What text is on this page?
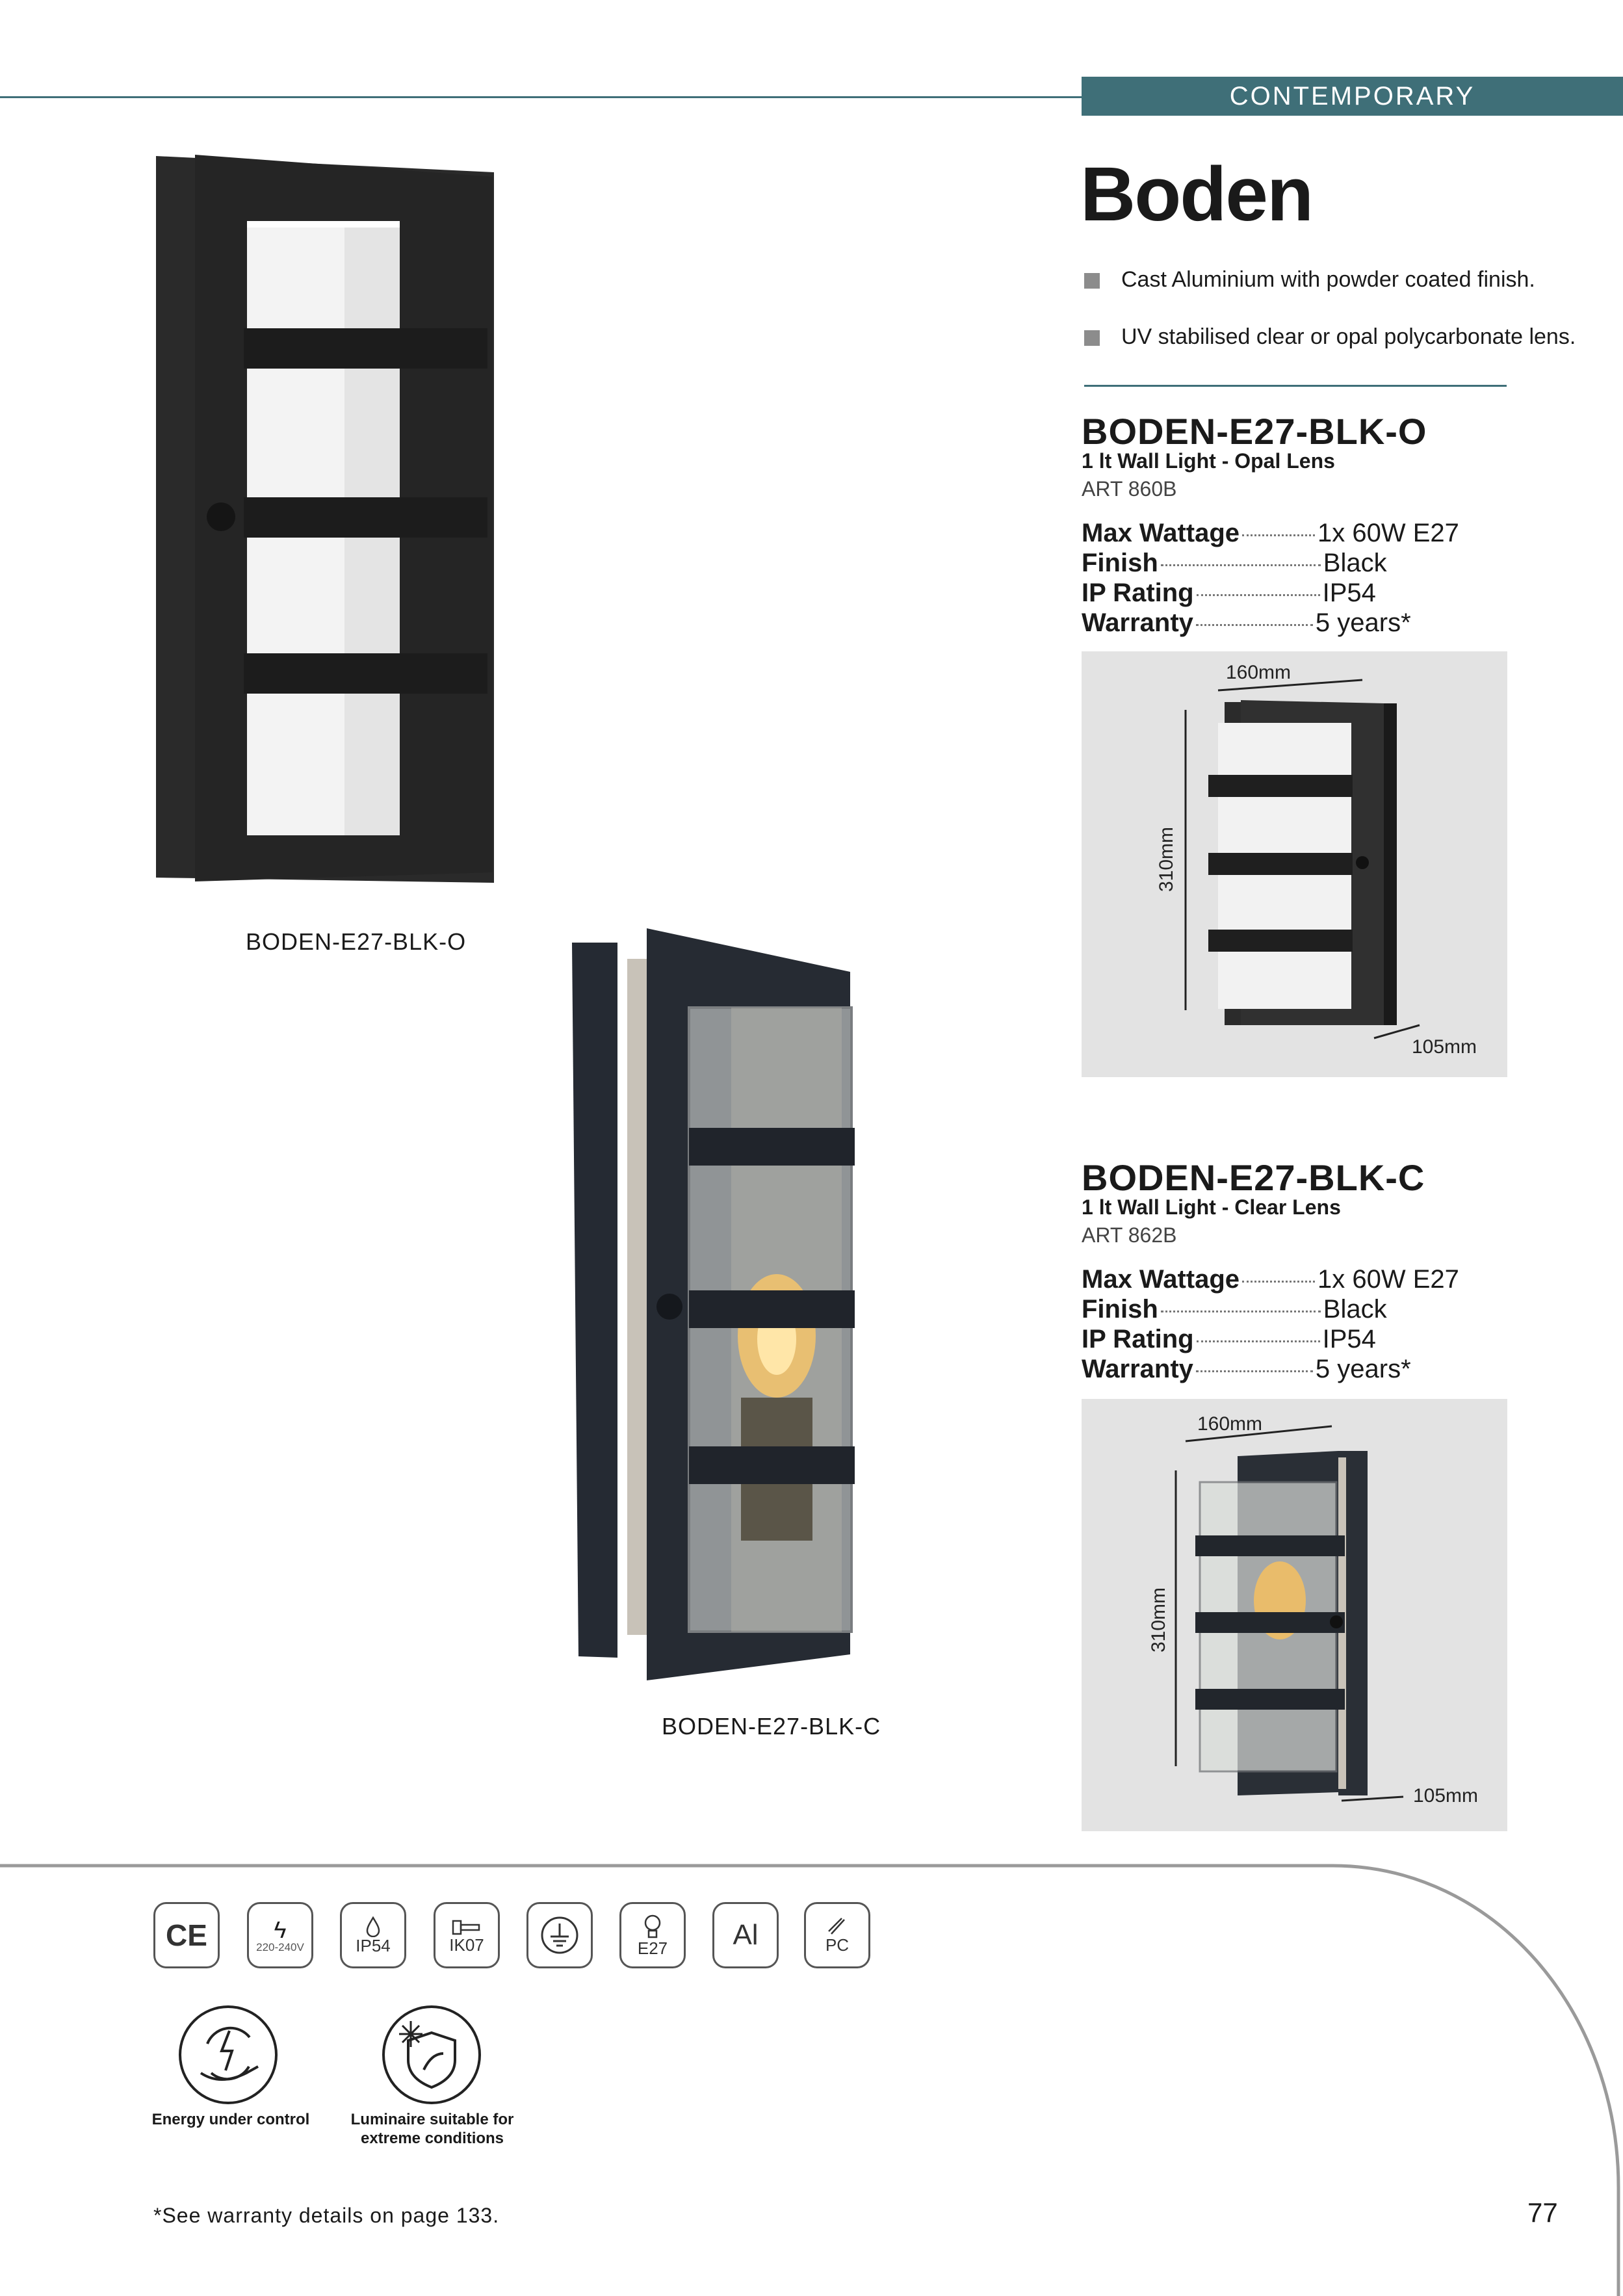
CONTEMPORARY
Boden
Cast Aluminium with powder coated finish.
UV stabilised clear or opal polycarbonate lens.
BODEN-E27-BLK-O
BODEN-E27-BLK-C
BODEN-E27-BLK-O
1 lt Wall Light - Opal Lens
ART 860B
Max Wattage	1x 60W E27
Finish	Black
IP Rating	IP54
Warranty	5 years*
160mm
310mm
105mm
BODEN-E27-BLK-C
1 lt Wall Light - Clear Lens
ART 862B
Max Wattage	1x 60W E27
Finish	Black
IP Rating	IP54
Warranty	5 years*
160mm
310mm
105mm
CE	ϟ
220-240V	IP54	IK07	E27 Al	PC
Energy under control	Luminaire suitable for extreme conditions
*See warranty details on page 133.	77
